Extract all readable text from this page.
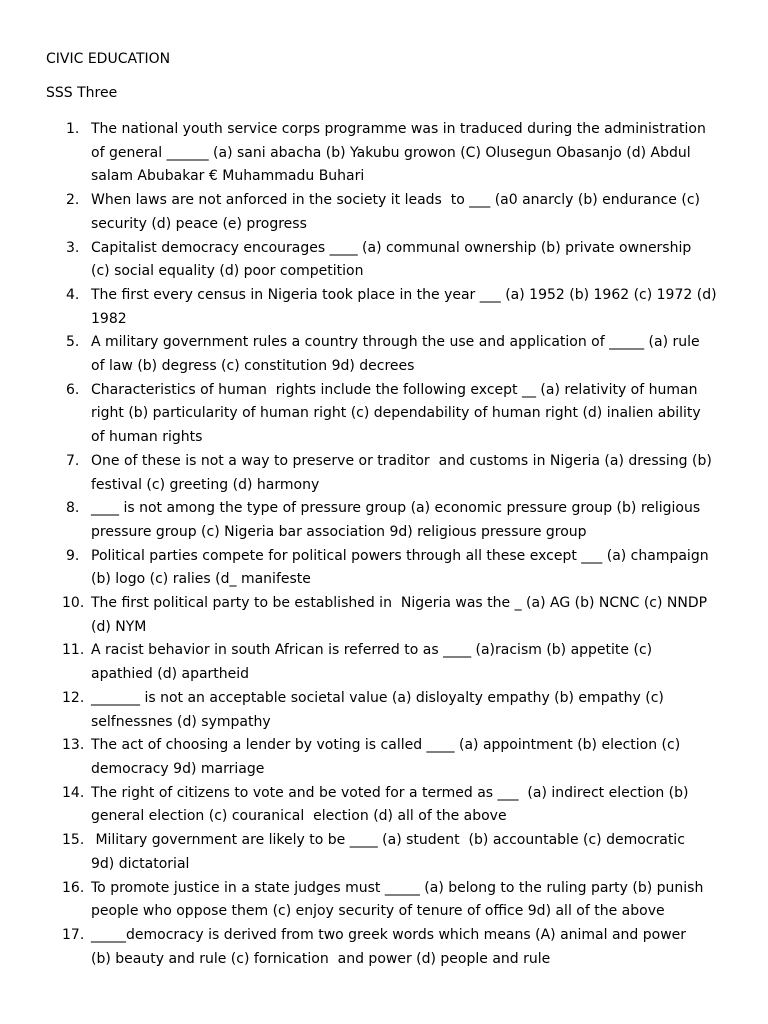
CIVIC EDUCATION
SSS Three
1. The national youth service corps programme was in traduced during the administration
of general ______ (a) sani abacha (b) Yakubu growon (C) Olusegun Obasanjo (d) Abdul
salam Abubakar € Muhammadu Buhari
2. When laws are not anforced in the society it leads  to ___ (a0 anarcly (b) endurance (c)
security (d) peace (e) progress
3. Capitalist democracy encourages ____ (a) communal ownership (b) private ownership
(c) social equality (d) poor competition
4. The first every census in Nigeria took place in the year ___ (a) 1952 (b) 1962 (c) 1972 (d)
1982
5. A military government rules a country through the use and application of _____ (a) rule
of law (b) degress (c) constitution 9d) decrees
6. Characteristics of human  rights include the following except __ (a) relativity of human
right (b) particularity of human right (c) dependability of human right (d) inalien ability
of human rights
7. One of these is not a way to preserve or traditor  and customs in Nigeria (a) dressing (b)
festival (c) greeting (d) harmony
8. ____ is not among the type of pressure group (a) economic pressure group (b) religious
pressure group (c) Nigeria bar association 9d) religious pressure group
9. Political parties compete for political powers through all these except ___ (a) champaign
(b) logo (c) ralies (d_ manifeste
10. The first political party to be established in  Nigeria was the _ (a) AG (b) NCNC (c) NNDP
(d) NYM
11. A racist behavior in south African is referred to as ____ (a)racism (b) appetite (c)
apathied (d) apartheid
12. _______ is not an acceptable societal value (a) disloyalty empathy (b) empathy (c)
selfnessnes (d) sympathy
13. The act of choosing a lender by voting is called ____ (a) appointment (b) election (c)
democracy 9d) marriage
14. The right of citizens to vote and be voted for a termed as ___  (a) indirect election (b)
general election (c) couranical  election (d) all of the above
15. Military government are likely to be ____ (a) student  (b) accountable (c) democratic
9d) dictatorial
16. To promote justice in a state judges must _____ (a) belong to the ruling party (b) punish
people who oppose them (c) enjoy security of tenure of office 9d) all of the above
17. _____democracy is derived from two greek words which means (A) animal and power
(b) beauty and rule (c) fornication  and power (d) people and rule
